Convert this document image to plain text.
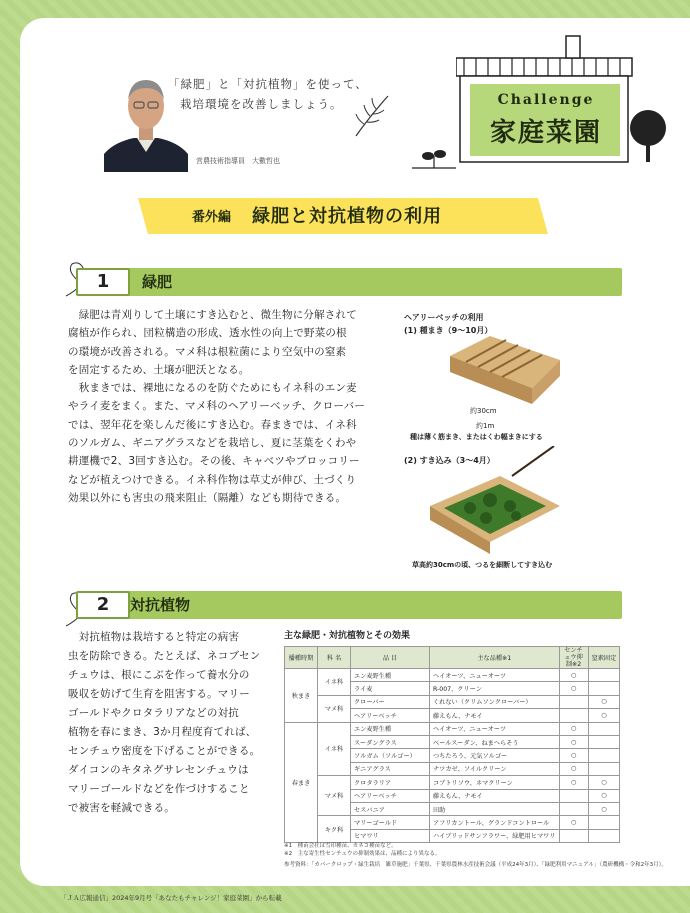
「緑肥」と「対抗植物」を使って、
栽培環境を改善しましょう。
営農技術指導員　大數哲也
Challenge
家庭菜園
番外編 緑肥と対抗植物の利用
1	緑肥
　緑肥は青刈りして土壌にすき込むと、微生物に分解されて
腐植が作られ、団粒構造の形成、透水性の向上で野菜の根
の環境が改善される。マメ科は根粒菌により空気中の窒素
を固定するため、土壌が肥沃となる。
　秋まきでは、裸地になるのを防ぐためにもイネ科のエン麦
やライ麦をまく。また、マメ科のヘアリーベッチ、クローバー
では、翌年花を楽しんだ後にすき込む。春まきでは、イネ科
のソルガム、ギニアグラスなどを栽培し、夏に茎葉をくわや
耕運機で2、3回すき込む。その後、キャベツやブロッコリー
などが植えつけできる。イネ科作物は草丈が伸び、土づくり
効果以外にも害虫の飛来阻止（隔離）なども期待できる。
ヘアリーベッチの利用
(1) 種まき（9～10月）
約30cm
約1m
種は薄く筋まき、またはくわ幅まきにする
(2) すき込み（3～4月）
草高約30cmの頃、つるを細断してすき込む
2	対抗植物
　対抗植物は栽培すると特定の病害
虫を防除できる。たとえば、ネコブセン
チュウは、根にこぶを作って養水分の
吸収を妨げて生育を阻害する。マリー
ゴールドやクロタラリアなどの対抗
植物を春にまき、3か月程度育てれば、
センチュウ密度を下げることができる。
ダイコンのキタネグサレセンチュウは
マリーゴールドなどを作づけすること
で被害を軽減できる。
主な緑肥・対抗植物とその効果
播種時期	科 名	品 目	主な品種※1	センチュウ抑制※2	窒素固定
秋まき	イネ科	エン麦野生種	ヘイオーツ、ニューオーツ	○	
		ライ麦	R-007、クリーン	○	
	マメ科	クローバー	くれない（クリムソンクローバー）		○
		ヘアリーベッチ	藤えもん、ナモイ		○
春まき	イネ科	エン麦野生種	ヘイオーツ、ニューオーツ	○	
		スーダングラス	ベールスーダン、ねまへらそう	○	
		ソルガム（ソルゴー）	つちたろう、元気ソルゴー	○	
		ギニアグラス	ナツカゼ、ソイルクリーン	○	
	マメ科	クロタラリア	コブトリソウ、ネマクリーン	○	○
		ヘアリーベッチ	藤えもん、ナモイ		○
		セスバニア	田助		○
	キク科	マリーゴールド	アフリカントール、グランドコントロール	○	
		ヒマワリ	ハイブリッドサンフラワー、緑肥用ヒマワリ		
※1　種苗会社は雪印種苗、カネコ種苗など。
※2　主な寄生性センチュウの抑制効果は、品種により異なる。
参考資料：「カバークロップ・緑生栽培　雑草施肥」千葉県、千葉県農林水産技術会議（平成24年3月）、「緑肥利用マニュアル」（農研機構・令和2年3月）。
「ＪＡ広報通信」2024年9月号「あなたもチャレンジ！家庭菜園」から転載
